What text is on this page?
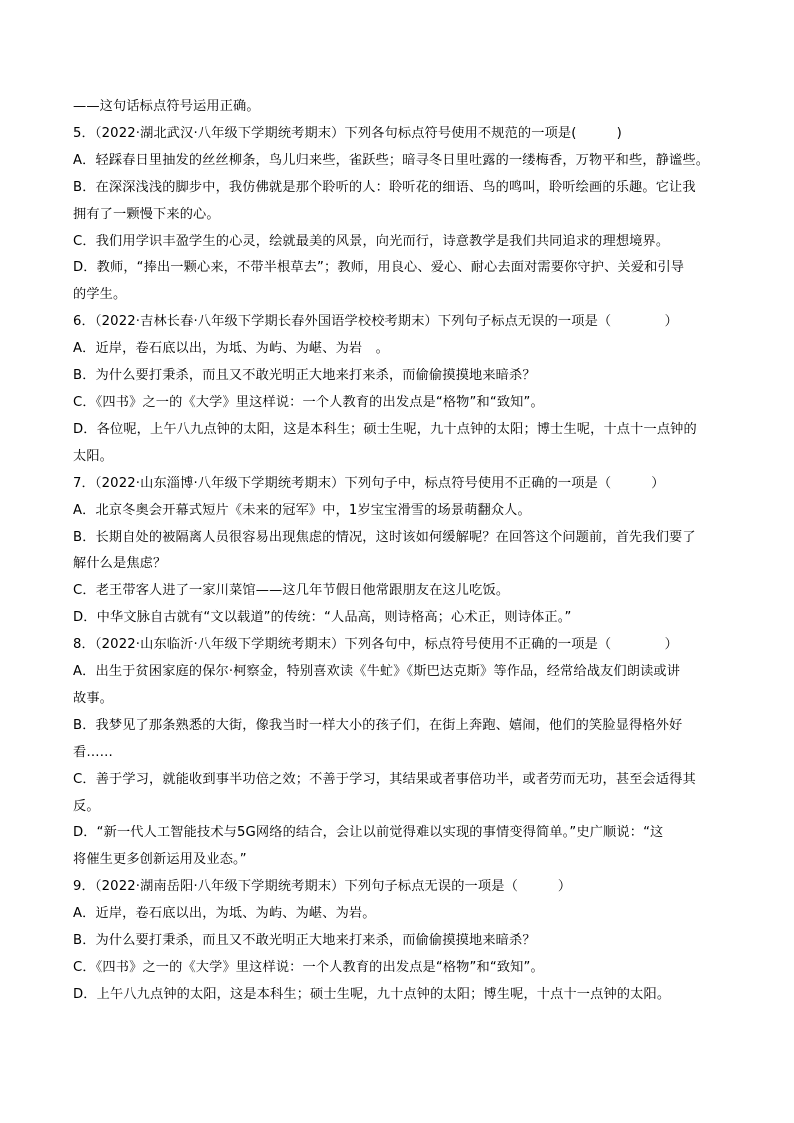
——这句话标点符号运用正确。
5．（2022·湖北武汉·八年级下学期统考期末）下列各句标点符号使用不规范的一项是(　　　)
A．轻踩春日里抽发的丝丝柳条，鸟儿归来些，雀跃些；暗寻冬日里吐露的一缕梅香，万物平和些，静谧些。
B．在深深浅浅的脚步中，我仿佛就是那个聆听的人：聆听花的细语、鸟的鸣叫，聆听绘画的乐趣。它让我
拥有了一颗慢下来的心。
C．我们用学识丰盈学生的心灵，绘就最美的风景，向光而行，诗意教学是我们共同追求的理想境界。
D．教师，“捧出一颗心来，不带半根草去”；教师，用良心、爱心、耐心去面对需要你守护、关爱和引导
的学生。
6．（2022·吉林长春·八年级下学期长春外国语学校校考期末）下列句子标点无误的一项是（　　　　）
A．近岸，卷石底以出，为坻、为屿、为嵁、为岩　。
B．为什么要打秉杀，而且又不敢光明正大地来打来杀，而偷偷摸摸地来暗杀？
C．《四书》之一的《大学》里这样说：一个人教育的出发点是“格物”和“致知”。
D．各位呢，上午八九点钟的太阳，这是本科生；硕士生呢，九十点钟的太阳；博士生呢，十点十一点钟的
太阳。
7．（2022·山东淄博·八年级下学期统考期末）下列句子中，标点符号使用不正确的一项是（　　　）
A．北京冬奥会开幕式短片《未来的冠军》中，1岁宝宝滑雪的场景萌翻众人。
B．长期自处的被隔离人员很容易出现焦虑的情况，这时该如何缓解呢？在回答这个问题前，首先我们要了
解什么是焦虑？
C．老王带客人进了一家川菜馆——这几年节假日他常跟朋友在这儿吃饭。
D．中华文脉自古就有“文以载道”的传统：“人品高，则诗格高；心术正，则诗体正。”
8．（2022·山东临沂·八年级下学期统考期末）下列各句中，标点符号使用不正确的一项是（　　　　）
A．出生于贫困家庭的保尔·柯察金，特别喜欢读《牛虻》《斯巴达克斯》等作品，经常给战友们朗读或讲
故事。
B．我梦见了那条熟悉的大街，像我当时一样大小的孩子们，在街上奔跑、嬉闹，他们的笑脸显得格外好
看……
C．善于学习，就能收到事半功倍之效；不善于学习，其结果或者事倍功半，或者劳而无功，甚至会适得其
反。
D．“新一代人工智能技术与5G网络的结合，会让以前觉得难以实现的事情变得简单。”史广顺说：“这
将催生更多创新运用及业态。”
9．（2022·湖南岳阳·八年级下学期统考期末）下列句子标点无误的一项是（　　　）
A．近岸，卷石底以出，为坻、为屿、为嵁、为岩。
B．为什么要打秉杀，而且又不敢光明正大地来打来杀，而偷偷摸摸地来暗杀？
C．《四书》之一的《大学》里这样说：一个人教育的出发点是“格物”和“致知”。
D．上午八九点钟的太阳，这是本科生；硕士生呢，九十点钟的太阳；博生呢，十点十一点钟的太阳。
